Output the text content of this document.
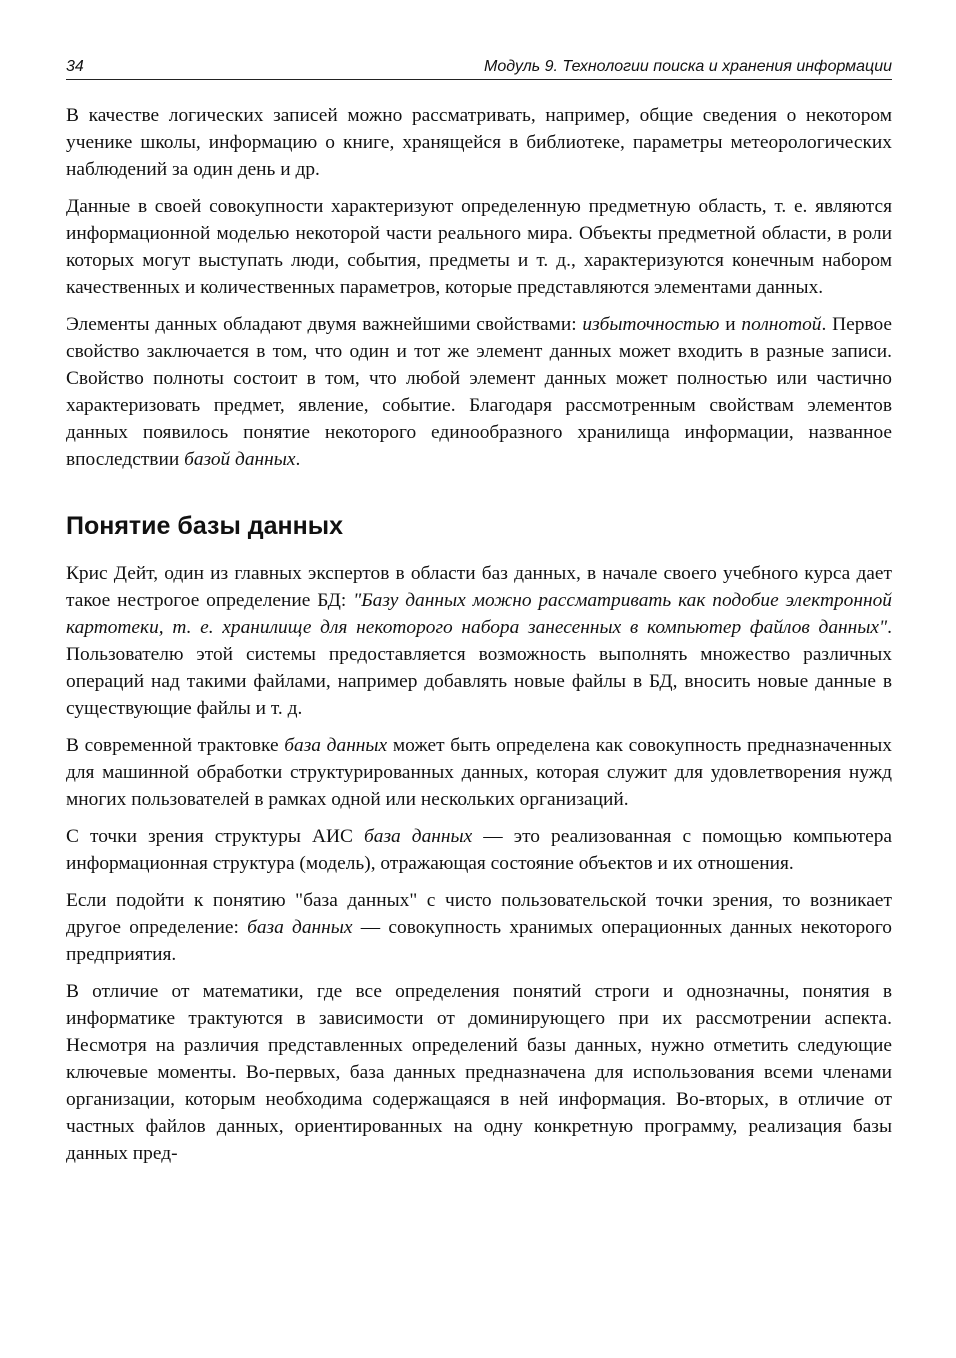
34	Модуль 9. Технологии поиска и хранения информации

В качестве логических записей можно рассматривать, например, общие сведения о некотором ученике школы, информацию о книге, хранящейся в библиотеке, параметры метеорологических наблюдений за один день и др.

Данные в своей совокупности характеризуют определенную предметную область, т. е. являются информационной моделью некоторой части реального мира. Объекты предметной области, в роли которых могут выступать люди, события, предметы и т. д., характеризуются конечным набором качественных и количественных параметров, которые представляются элементами данных.

Элементы данных обладают двумя важнейшими свойствами: избыточностью и полнотой. Первое свойство заключается в том, что один и тот же элемент данных может входить в разные записи. Свойство полноты состоит в том, что любой элемент данных может полностью или частично характеризовать предмет, явление, событие. Благодаря рассмотренным свойствам элементов данных появилось понятие некоторого единообразного хранилища информации, названное впоследствии базой данных.

Понятие базы данных

Крис Дейт, один из главных экспертов в области баз данных, в начале своего учебного курса дает такое нестрогое определение БД: "Базу данных можно рассматривать как подобие электронной картотеки, т. е. хранилище для некоторого набора занесенных в компьютер файлов данных". Пользователю этой системы предоставляется возможность выполнять множество различных операций над такими файлами, например добавлять новые файлы в БД, вносить новые данные в существующие файлы и т. д.

В современной трактовке база данных может быть определена как совокупность предназначенных для машинной обработки структурированных данных, которая служит для удовлетворения нужд многих пользователей в рамках одной или нескольких организаций.

С точки зрения структуры АИС база данных — это реализованная с помощью компьютера информационная структура (модель), отражающая состояние объектов и их отношения.

Если подойти к понятию "база данных" с чисто пользовательской точки зрения, то возникает другое определение: база данных — совокупность хранимых операционных данных некоторого предприятия.

В отличие от математики, где все определения понятий строги и однозначны, понятия в информатике трактуются в зависимости от доминирующего при их рассмотрении аспекта. Несмотря на различия представленных определений базы данных, нужно отметить следующие ключевые моменты. Во-первых, база данных предназначена для использования всеми членами организации, которым необходима содержащаяся в ней информация. Во-вторых, в отличие от частных файлов данных, ориентированных на одну конкретную программу, реализация базы данных пред-
